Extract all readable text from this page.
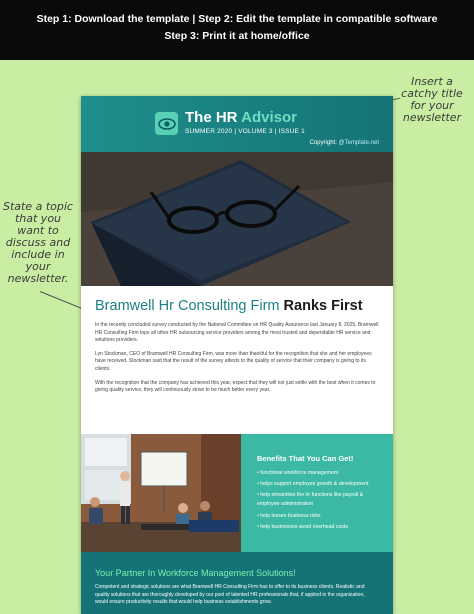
Step 1: Download the template | Step 2: Edit the template in compatible software
Step 3: Print it at home/office
Insert a catchy title for your newsletter
State a topic that you want to discuss and include in your newsletter.
The HR Advisor
SUMMER 2020 | VOLUME 3 | ISSUE 1
Copyright: @Template.net
Bramwell Hr Consulting Firm Ranks First

In the recently concluded survey conducted by the National Committee on HR Quality Assurance last January 8, 2025, Bramwell HR Consulting Firm tops all other HR outsourcing service providers among the most trusted and dependable HR service and solutions providers.

Lyn Stockman, CEO of Bramwell HR Consulting Firm, was more than thankful for the recognition that she and her employees have received. Stockman said that the result of the survey attests to the quality of service that their company is giving to its clients.

With the recognition that the company has achieved this year, expect that they will not just settle with the best when it comes to giving quality service, they will continuously strive to be much better every year.

Benefits That You Can Get!
• functional workforce management
• helps support employee growth & development
• help streamline the hr functions like payroll &
employee administration
• help lessen business risks
• help businesses avoid overhead costs
Your Partner In Workforce Management Solutions!

Competent and strategic solutions are what Bramwell HR Consulting Firm has to offer to its business clients. Realistic and quality solutions that are thoroughly developed by our pool of talented HR professionals that, if applied in the organization, would ensure productivity results that would help business establishments grow.
